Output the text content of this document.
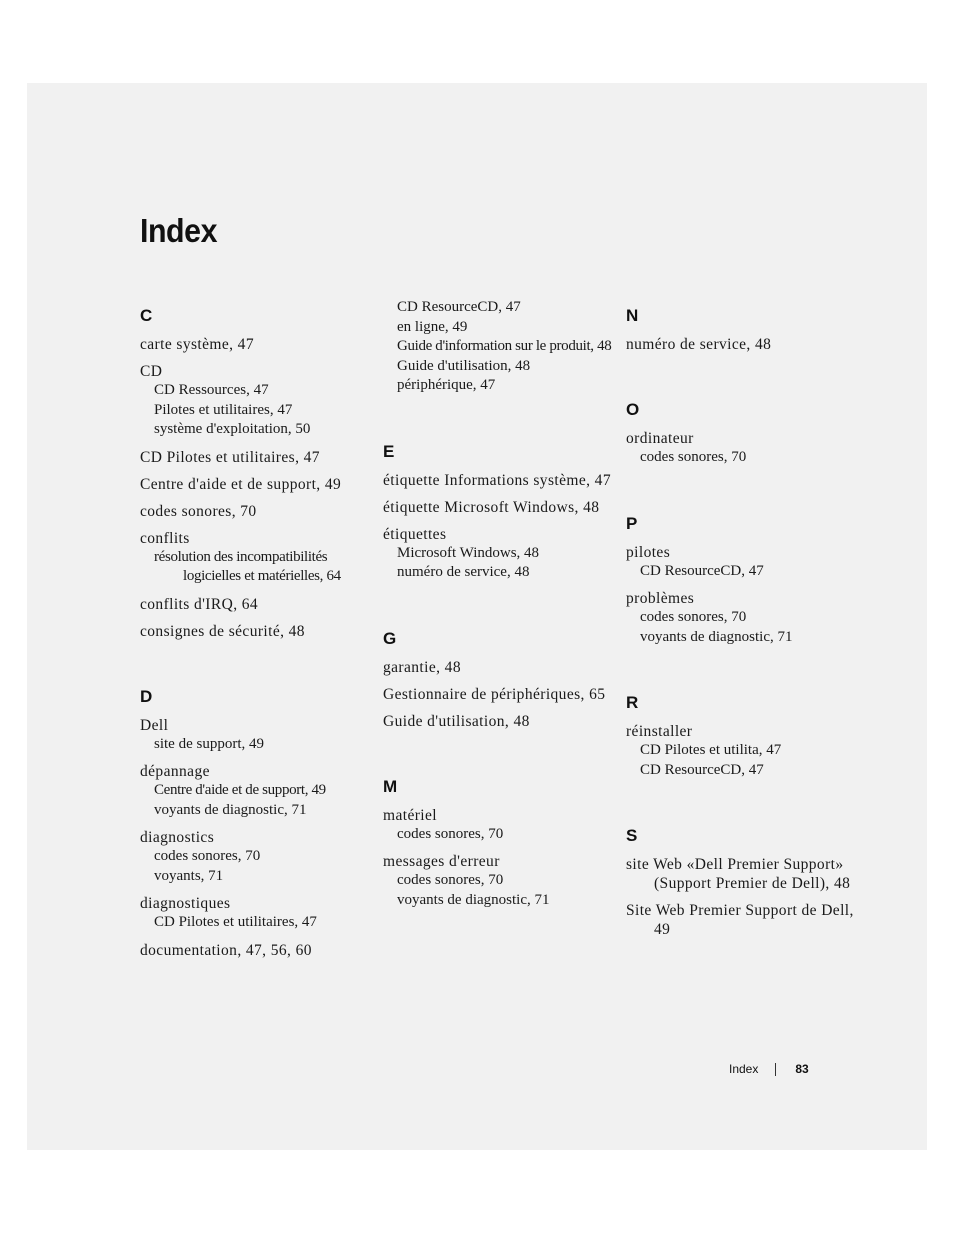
Index
C
carte système, 47
CD
CD Ressources, 47
Pilotes et utilitaires, 47
système d'exploitation, 50
CD Pilotes et utilitaires, 47
Centre d'aide et de support, 49
codes sonores, 70
conflits
résolution des incompatibilités logicielles et matérielles, 64
conflits d'IRQ, 64
consignes de sécurité, 48
D
Dell
site de support, 49
dépannage
Centre d'aide et de support, 49
voyants de diagnostic, 71
diagnostics
codes sonores, 70
voyants, 71
diagnostiques
CD Pilotes et utilitaires, 47
documentation, 47, 56, 60
CD ResourceCD, 47
en ligne, 49
Guide d'information sur le produit, 48
Guide d'utilisation, 48
périphérique, 47
E
étiquette Informations système, 47
étiquette Microsoft Windows, 48
étiquettes
Microsoft Windows, 48
numéro de service, 48
G
garantie, 48
Gestionnaire de périphériques, 65
Guide d'utilisation, 48
M
matériel
codes sonores, 70
messages d'erreur
codes sonores, 70
voyants de diagnostic, 71
N
numéro de service, 48
O
ordinateur
codes sonores, 70
P
pilotes
CD ResourceCD, 47
problèmes
codes sonores, 70
voyants de diagnostic, 71
R
réinstaller
CD Pilotes et utilita, 47
CD ResourceCD, 47
S
site Web «Dell Premier Support» (Support Premier de Dell), 48
Site Web Premier Support de Dell, 49
Index	83
